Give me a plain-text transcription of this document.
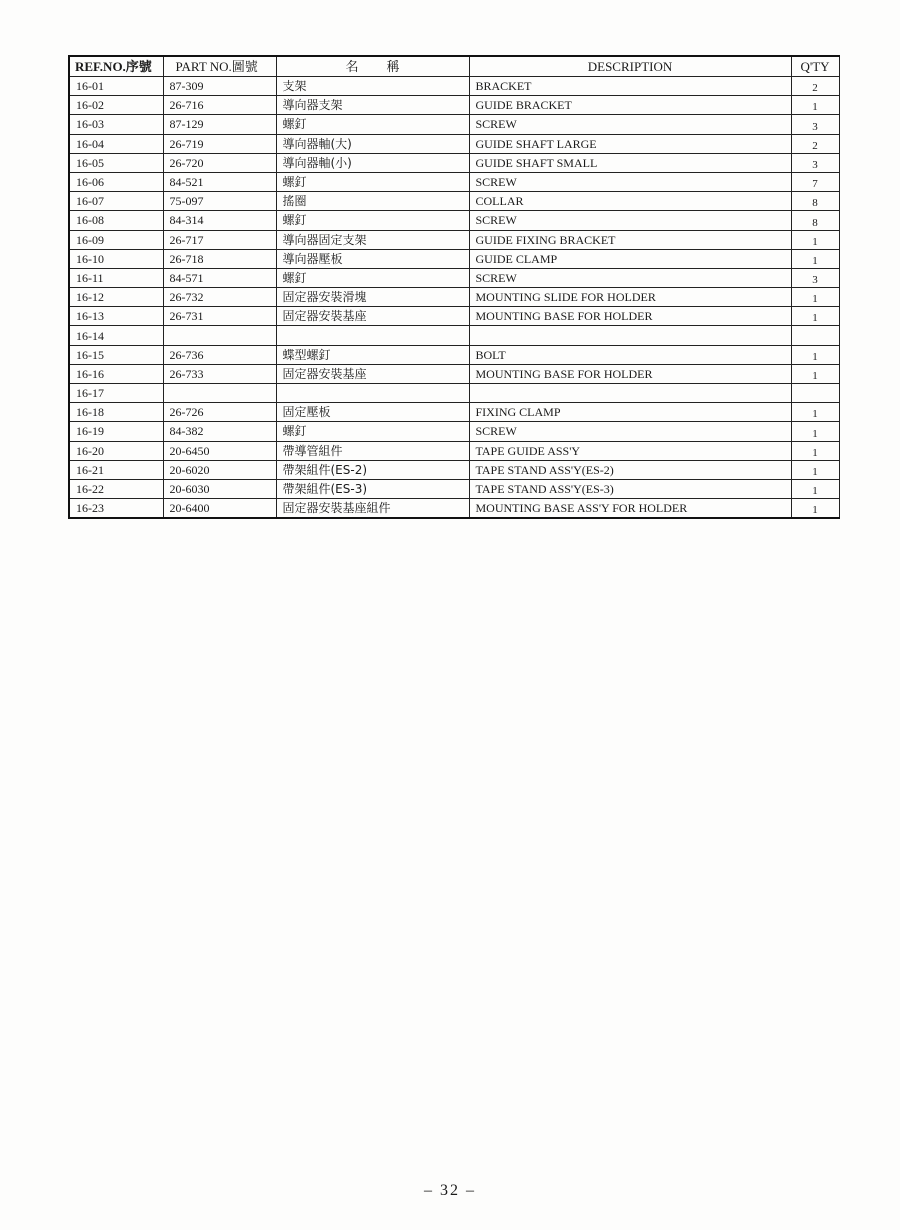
REF.NO.序號	PART NO.圖號	名稱	DESCRIPTION	Q'TY
16-01	87-309	支架	BRACKET	2
16-02	26-716	導向器支架	GUIDE BRACKET	1
16-03	87-129	螺釘	SCREW	3
16-04	26-719	導向器軸(大)	GUIDE SHAFT LARGE	2
16-05	26-720	導向器軸(小)	GUIDE SHAFT SMALL	3
16-06	84-521	螺釘	SCREW	7
16-07	75-097	搖圈	COLLAR	8
16-08	84-314	螺釘	SCREW	8
16-09	26-717	導向器固定支架	GUIDE FIXING BRACKET	1
16-10	26-718	導向器壓板	GUIDE CLAMP	1
16-11	84-571	螺釘	SCREW	3
16-12	26-732	固定器安裝滑塊	MOUNTING SLIDE FOR HOLDER	1
16-13	26-731	固定器安裝基座	MOUNTING BASE FOR HOLDER	1
16-14				
16-15	26-736	蝶型螺釘	BOLT	1
16-16	26-733	固定器安裝基座	MOUNTING BASE FOR HOLDER	1
16-17				
16-18	26-726	固定壓板	FIXING CLAMP	1
16-19	84-382	螺釘	SCREW	1
16-20	20-6450	帶導管組件	TAPE GUIDE ASS'Y	1
16-21	20-6020	帶架組件(ES-2)	TAPE STAND ASS'Y(ES-2)	1
16-22	20-6030	帶架組件(ES-3)	TAPE STAND ASS'Y(ES-3)	1
16-23	20-6400	固定器安裝基座組件	MOUNTING BASE ASS'Y FOR HOLDER	1
– 32 –
